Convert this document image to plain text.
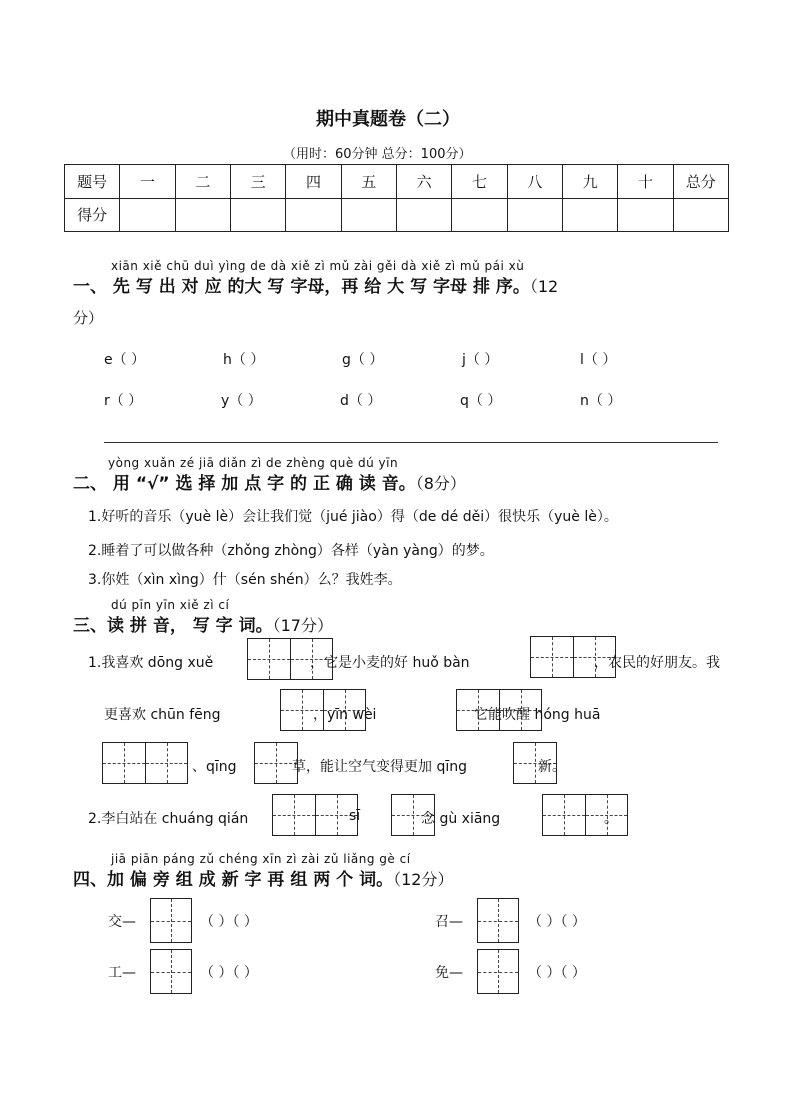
期中真题卷（二）
（用时：60分钟 总分：100分）
题号	一	二	三	四	五	六	七	八	九	十	总分
得分											
xiān xiě chū duì yìng de dà xiě zì mǔ zài gěi dà xiě zì mǔ pái xù
一、 先 写 出 对 应 的大 写 字母，再 给 大 写 字母 排 序。（12
分）
e（ ）	h（ ）	g（ ）	j（ ）	l（ ）
r（ ）	y（ ）	d（ ）	q（ ）	n（ ）
yòng xuǎn zé jiā diǎn zì de zhèng què dú yīn
二、 用 “√” 选 择 加 点 字 的 正 确 读 音。（8分）
1.好听的音乐（yuè lè）会让我们觉（jué jiào）得（de dé děi）很快乐（yuè lè）。
2.睡着了可以做各种（zhǒng zhòng）各样（yàn yàng）的梦。
3.你姓（xìn xìng）什（sén shén）么？我姓李。
dú pīn yīn xiě zì cí
三、读 拼 音， 写 字 词。（17分）
1.我喜欢 dōng xuě	，它是小麦的好 huǒ bàn	，农民的好朋友。我
更喜欢 chūn fēng	，yīn wèi	它能吹醒 hóng huā
、qīng	草，能让空气变得更加 qīng	新。
2.李白站在 chuáng qián	sī	念 gù xiāng	。
jiā piān páng zǔ chéng xīn zì zài zǔ liǎng gè cí
四、加 偏 旁 组 成 新 字 再 组 两 个 词。（12分）
交—	（ ）（ ）	召—	（ ）（ ）
工—	（ ）（ ）	免—	（ ）（ ）
